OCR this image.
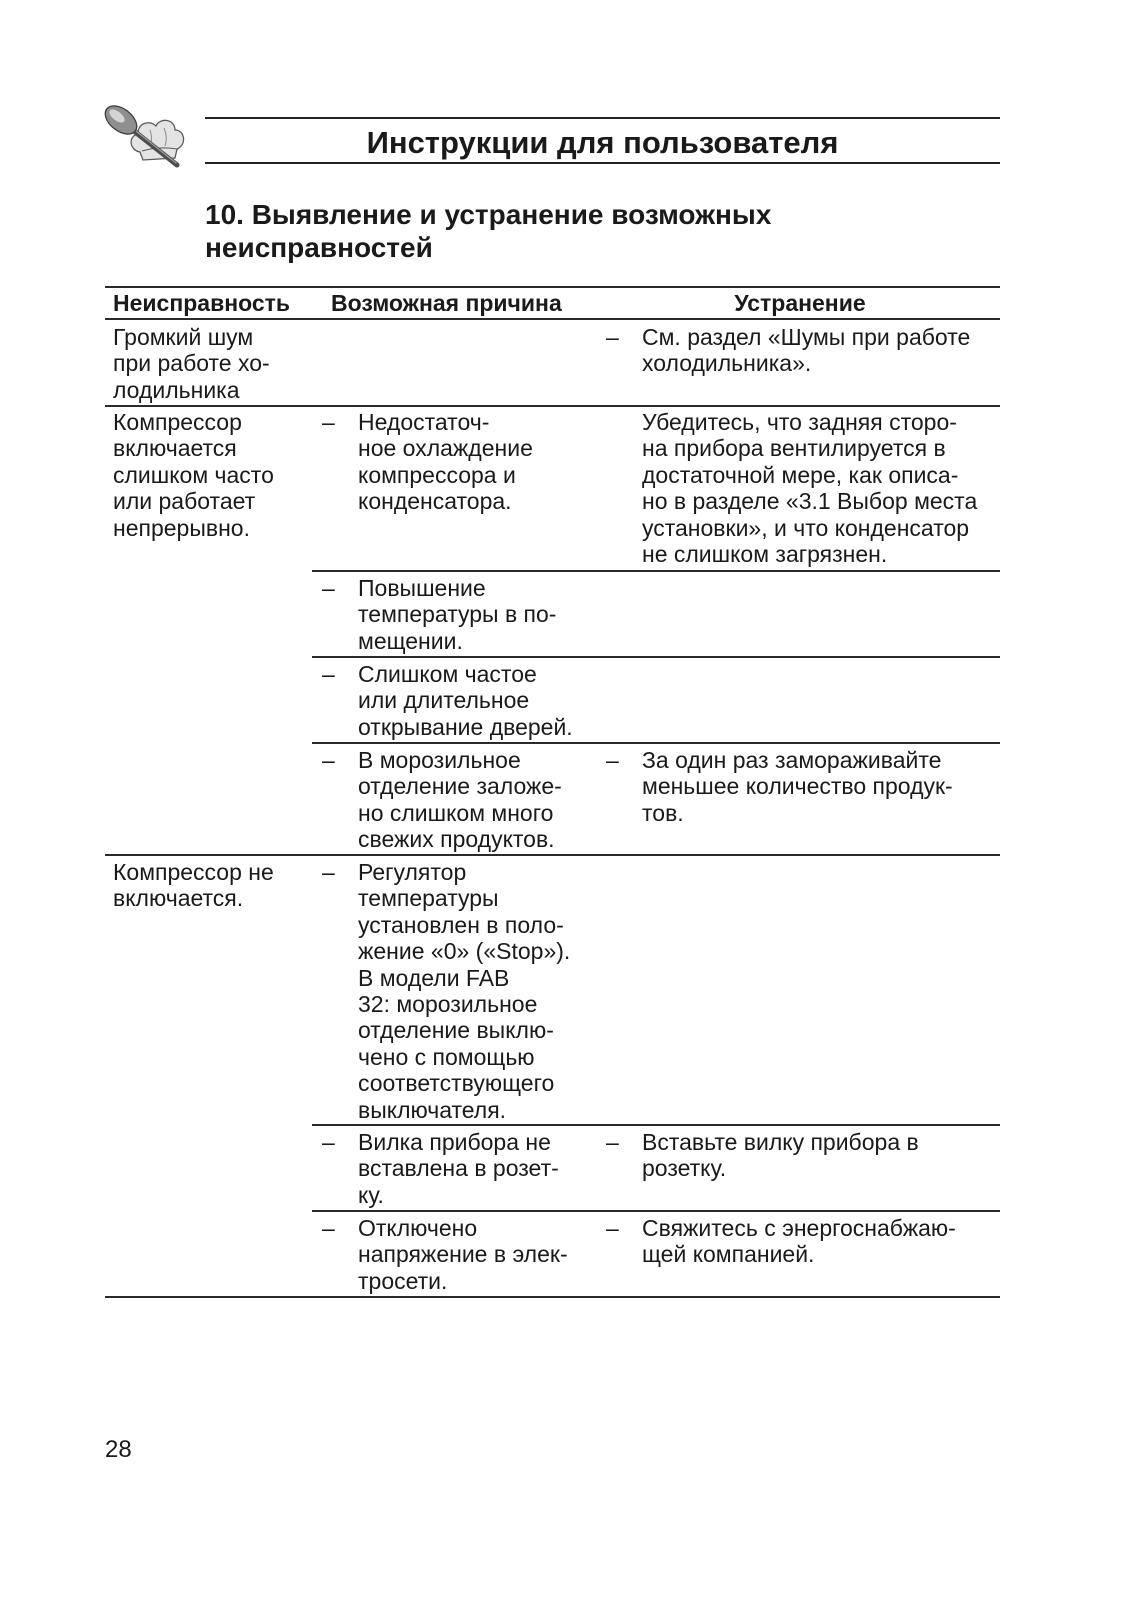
Инструкции для пользователя
10. Выявление и устранение возможных
неисправностей
Неисправность Возможная причина	Устранение
Громкий шум
при работе хо-
лодильника
– См. раздел «Шумы при работе
холодильника».
Компрессор
включается
слишком часто
или работает
непрерывно.
– Недостаточ-
ное охлаждение
компрессора и
конденсатора.
Убедитесь, что задняя сторо-
на прибора вентилируется в
достаточной мере, как описа-
но в разделе «3.1 Выбор места
установки», и что конденсатор
не слишком загрязнен.
– Повышение
температуры в по-
мещении.
– Слишком частое
или длительное
открывание дверей.
– В морозильное
отделение заложе-
но слишком много
свежих продуктов.
– За один раз замораживайте
меньшее количество продук-
тов.
Компрессор не
включается.
– Регулятор
температуры
установлен в поло-
жение «0» («Stop»).
В модели FAB
32: морозильное
отделение выклю-
чено с помощью
соответствующего
выключателя.
– Вилка прибора не
вставлена в розет-
ку.
– Вставьте вилку прибора в
розетку.
– Отключено
напряжение в элек-
тросети.
– Свяжитесь с энергоснабжаю-
щей компанией.
28
